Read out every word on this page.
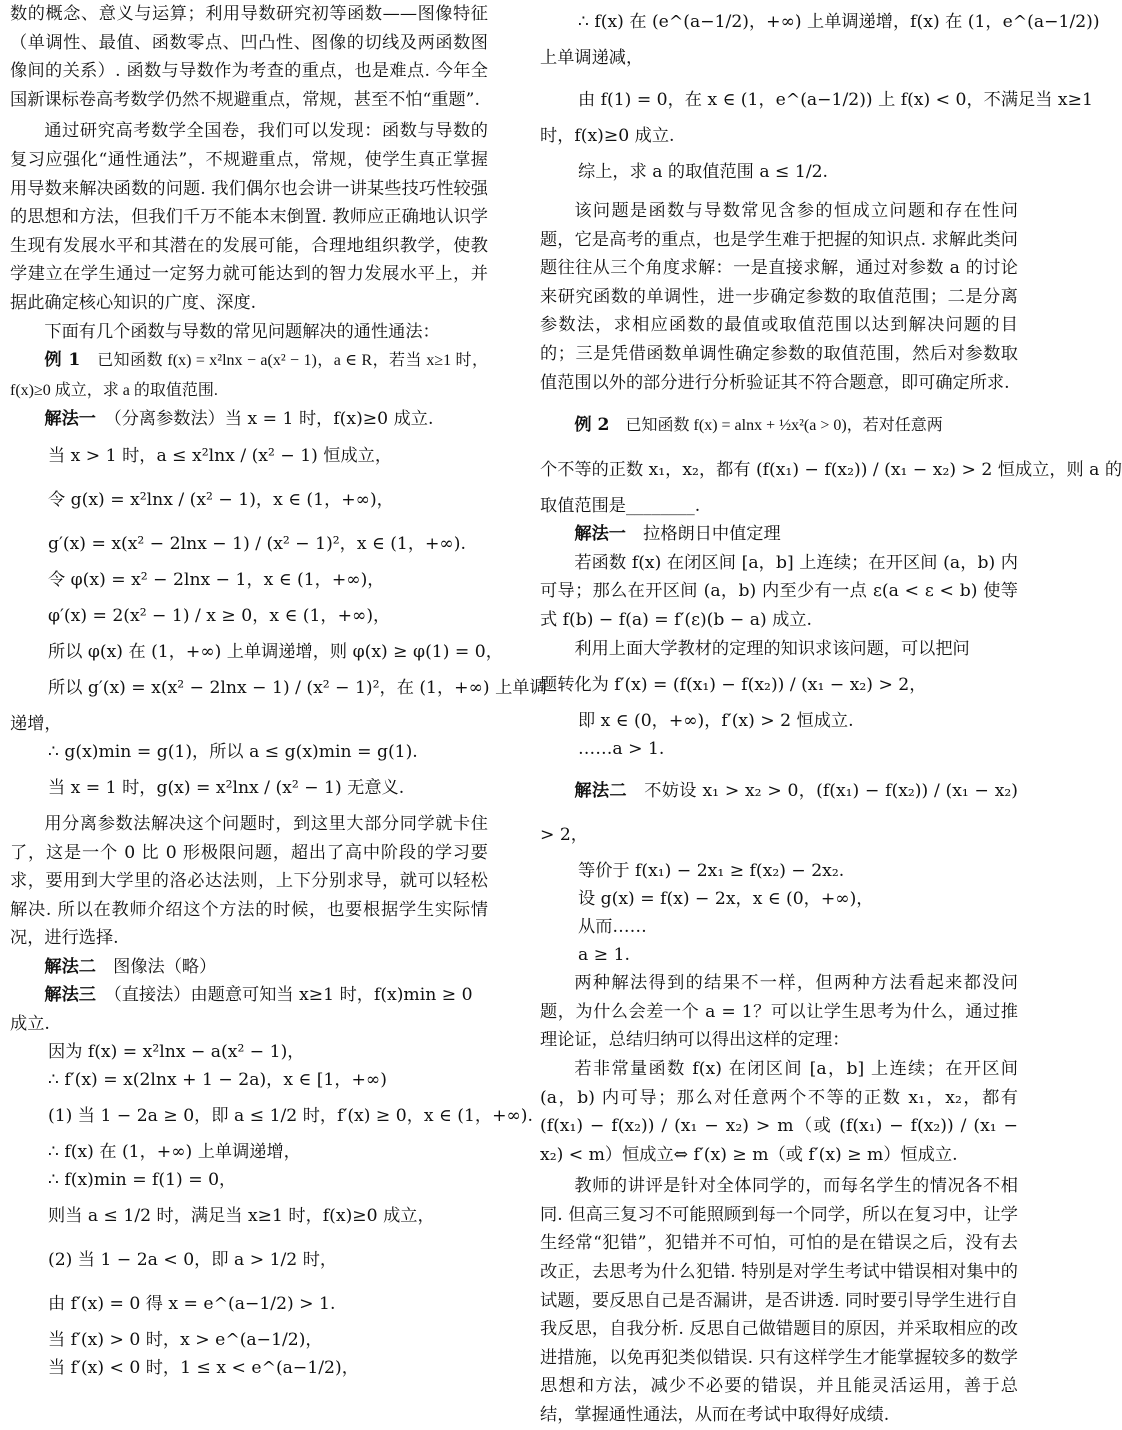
数的概念、意义与运算；利用导数研究初等函数——图像特征（单调性、最值、函数零点、凹凸性、图像的切线及两函数图像间的关系）. 函数与导数作为考查的重点，也是难点. 今年全国新课标卷高考数学仍然不规避重点，常规，甚至不怕“重题”.

通过研究高考数学全国卷，我们可以发现：函数与导数的复习应强化“通性通法”，不规避重点，常规，使学生真正掌握用导数来解决函数的问题. 我们偶尔也会讲一讲某些技巧性较强的思想和方法，但我们千万不能本末倒置. 教师应正确地认识学生现有发展水平和其潜在的发展可能，合理地组织教学，使教学建立在学生通过一定努力就可能达到的智力发展水平上，并据此确定核心知识的广度、深度.

下面有几个函数与导数的常见问题解决的通性通法：

例 1　已知函数 f(x) = x²lnx − a(x² − 1)，a ∈ R，若当 x≥1 时，f(x)≥0 成立，求 a 的取值范围.

解法一　（分离参数法）当 x = 1 时，f(x)≥0 成立.

当 x > 1 时，a ≤ x²lnx / (x² − 1) 恒成立，
令 g(x) = x²lnx / (x² − 1)，x ∈ (1，+∞)，
g′(x) = x(x² − 2lnx − 1) / (x² − 1)²，x ∈ (1，+∞).
令 φ(x) = x² − 2lnx − 1，x ∈ (1，+∞)，
φ′(x) = 2(x² − 1) / x ≥ 0，x ∈ (1，+∞)，
所以 φ(x) 在 (1，+∞) 上单调递增，则 φ(x) ≥ φ(1) = 0，
所以 g′(x) = x(x² − 2lnx − 1) / (x² − 1)²，在 (1，+∞) 上单调
递增，
∴ g(x)min = g(1)，所以 a ≤ g(x)min = g(1).
当 x = 1 时，g(x) = x²lnx / (x² − 1) 无意义.

用分离参数法解决这个问题时，到这里大部分同学就卡住了，这是一个 0 比 0 形极限问题，超出了高中阶段的学习要求，要用到大学里的洛必达法则，上下分别求导，就可以轻松解决. 所以在教师介绍这个方法的时候，也要根据学生实际情况，进行选择.

解法二　图像法（略）

解法三　（直接法）由题意可知当 x≥1 时，f(x)min ≥ 0

成立.
因为 f(x) = x²lnx − a(x² − 1)，
∴ f′(x) = x(2lnx + 1 − 2a)，x ∈ [1，+∞)
(1) 当 1 − 2a ≥ 0，即 a ≤ 1/2 时，f′(x) ≥ 0，x ∈ (1，+∞).
∴ f(x) 在 (1，+∞) 上单调递增，
∴ f(x)min = f(1) = 0，
则当 a ≤ 1/2 时，满足当 x≥1 时，f(x)≥0 成立，
(2) 当 1 − 2a < 0，即 a > 1/2 时，
由 f′(x) = 0 得 x = e^(a−1/2) > 1.
当 f′(x) > 0 时，x > e^(a−1/2)，
当 f′(x) < 0 时，1 ≤ x < e^(a−1/2)，
∴ f(x) 在 (e^(a−1/2)，+∞) 上单调递增，f(x) 在 (1，e^(a−1/2))
上单调递减，
由 f(1) = 0，在 x ∈ (1，e^(a−1/2)) 上 f(x) < 0，不满足当 x≥1
时，f(x)≥0 成立.
综上，求 a 的取值范围 a ≤ 1/2.

该问题是函数与导数常见含参的恒成立问题和存在性问题，它是高考的重点，也是学生难于把握的知识点. 求解此类问题往往从三个角度求解：一是直接求解，通过对参数 a 的讨论来研究函数的单调性，进一步确定参数的取值范围；二是分离参数法，求相应函数的最值或取值范围以达到解决问题的目的；三是凭借函数单调性确定参数的取值范围，然后对参数取值范围以外的部分进行分析验证其不符合题意，即可确定所求.

例 2　已知函数 f(x) = alnx + ½x²(a > 0)，若对任意两

个不等的正数 x₁，x₂，都有 (f(x₁) − f(x₂)) / (x₁ − x₂) > 2 恒成立，则 a 的
取值范围是________.

解法一　拉格朗日中值定理

若函数 f(x) 在闭区间 [a，b] 上连续；在开区间 (a，b) 内可导；那么在开区间 (a，b) 内至少有一点 ε(a < ε < b) 使等式 f(b) − f(a) = f′(ε)(b − a) 成立.

利用上面大学教材的定理的知识求该问题，可以把问

题转化为 f′(x) = (f(x₁) − f(x₂)) / (x₁ − x₂) > 2，
即 x ∈ (0，+∞)，f′(x) > 2 恒成立.
……a > 1.

解法二　不妨设 x₁ > x₂ > 0，(f(x₁) − f(x₂)) / (x₁ − x₂) > 2，

等价于 f(x₁) − 2x₁ ≥ f(x₂) − 2x₂.
设 g(x) = f(x) − 2x，x ∈ (0，+∞)，
从而……
a ≥ 1.

两种解法得到的结果不一样，但两种方法看起来都没问题，为什么会差一个 a = 1？可以让学生思考为什么，通过推理论证，总结归纳可以得出这样的定理：

若非常量函数 f(x) 在闭区间 [a，b] 上连续；在开区间 (a，b) 内可导；那么对任意两个不等的正数 x₁，x₂，都有 (f(x₁) − f(x₂)) / (x₁ − x₂) > m（或 (f(x₁) − f(x₂)) / (x₁ − x₂) < m）恒成立⇔ f′(x) ≥ m（或 f′(x) ≥ m）恒成立.

教师的讲评是针对全体同学的，而每名学生的情况各不相同. 但高三复习不可能照顾到每一个同学，所以在复习中，让学生经常“犯错”，犯错并不可怕，可怕的是在错误之后，没有去改正，去思考为什么犯错. 特别是对学生考试中错误相对集中的试题，要反思自己是否漏讲，是否讲透. 同时要引导学生进行自我反思，自我分析. 反思自己做错题目的原因，并采取相应的改进措施，以免再犯类似错误. 只有这样学生才能掌握较多的数学思想和方法，减少不必要的错误，并且能灵活运用，善于总结，掌握通性通法，从而在考试中取得好成绩.
